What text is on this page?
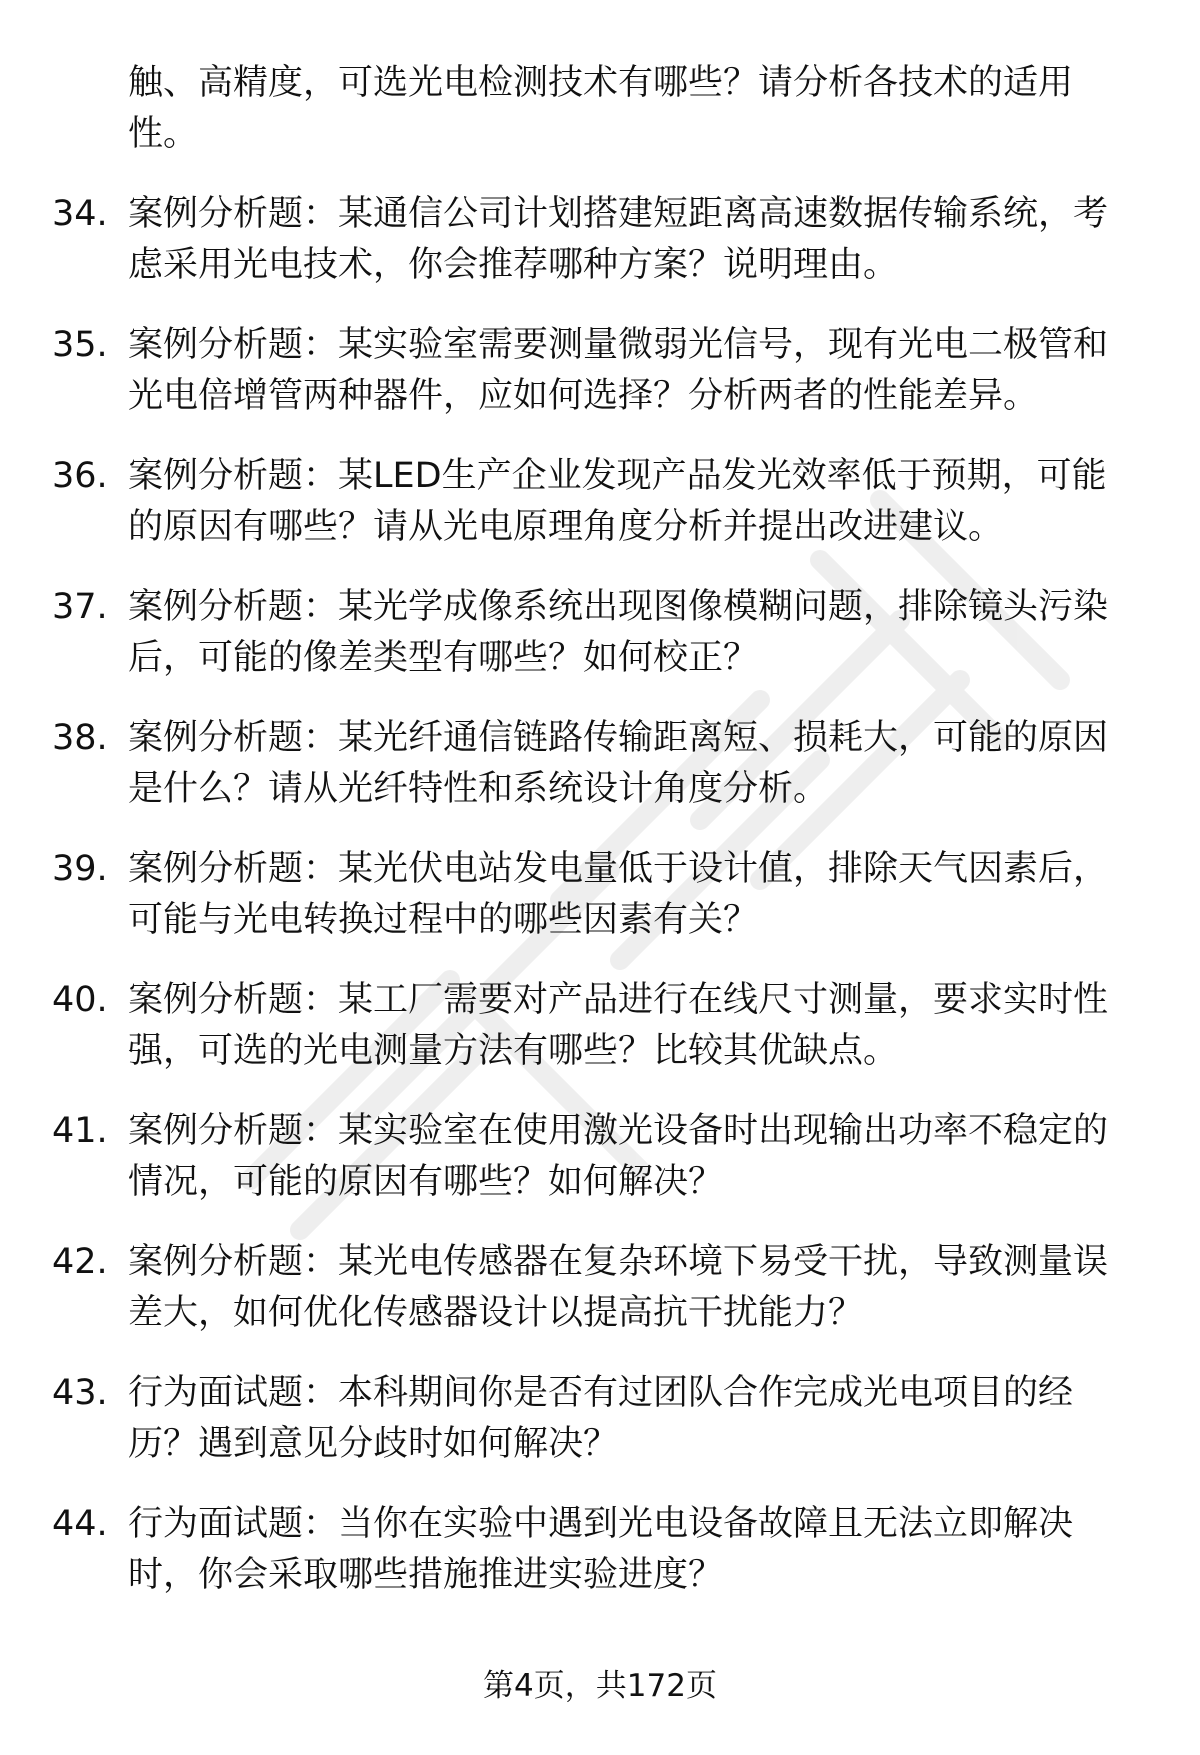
触、高精度，可选光电检测技术有哪些？请分析各技术的适用性。
34. 案例分析题：某通信公司计划搭建短距离高速数据传输系统，考虑采用光电技术，你会推荐哪种方案？说明理由。
35. 案例分析题：某实验室需要测量微弱光信号，现有光电二极管和光电倍增管两种器件，应如何选择？分析两者的性能差异。
36. 案例分析题：某LED生产企业发现产品发光效率低于预期，可能的原因有哪些？请从光电原理角度分析并提出改进建议。
37. 案例分析题：某光学成像系统出现图像模糊问题，排除镜头污染后，可能的像差类型有哪些？如何校正？
38. 案例分析题：某光纤通信链路传输距离短、损耗大，可能的原因是什么？请从光纤特性和系统设计角度分析。
39. 案例分析题：某光伏电站发电量低于设计值，排除天气因素后，可能与光电转换过程中的哪些因素有关？
40. 案例分析题：某工厂需要对产品进行在线尺寸测量，要求实时性强，可选的光电测量方法有哪些？比较其优缺点。
41. 案例分析题：某实验室在使用激光设备时出现输出功率不稳定的情况，可能的原因有哪些？如何解决？
42. 案例分析题：某光电传感器在复杂环境下易受干扰，导致测量误差大，如何优化传感器设计以提高抗干扰能力？
43. 行为面试题：本科期间你是否有过团队合作完成光电项目的经历？遇到意见分歧时如何解决？
44. 行为面试题：当你在实验中遇到光电设备故障且无法立即解决时，你会采取哪些措施推进实验进度？
第4页，共172页
